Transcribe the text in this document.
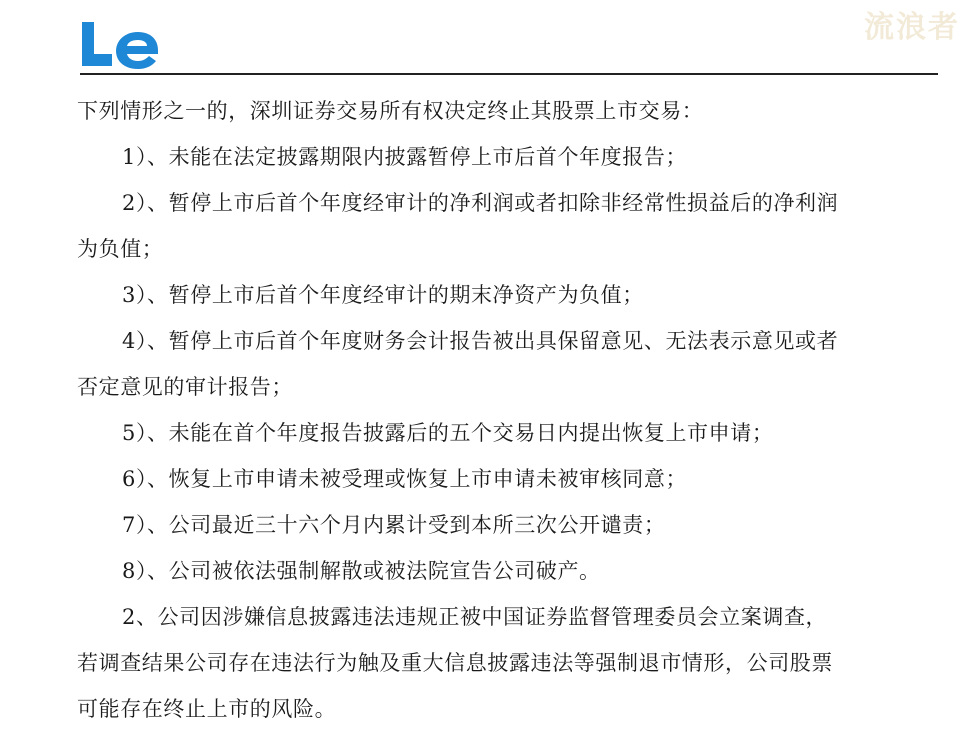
流浪者

下列情形之一的，深圳证券交易所有权决定终止其股票上市交易：

1）、未能在法定披露期限内披露暂停上市后首个年度报告；

2）、暂停上市后首个年度经审计的净利润或者扣除非经常性损益后的净利润

为负值；

3）、暂停上市后首个年度经审计的期末净资产为负值；

4）、暂停上市后首个年度财务会计报告被出具保留意见、无法表示意见或者

否定意见的审计报告；

5）、未能在首个年度报告披露后的五个交易日内提出恢复上市申请；

6）、恢复上市申请未被受理或恢复上市申请未被审核同意；

7）、公司最近三十六个月内累计受到本所三次公开谴责；

8）、公司被依法强制解散或被法院宣告公司破产。

2、公司因涉嫌信息披露违法违规正被中国证券监督管理委员会立案调查，

若调查结果公司存在违法行为触及重大信息披露违法等强制退市情形，公司股票

可能存在终止上市的风险。
